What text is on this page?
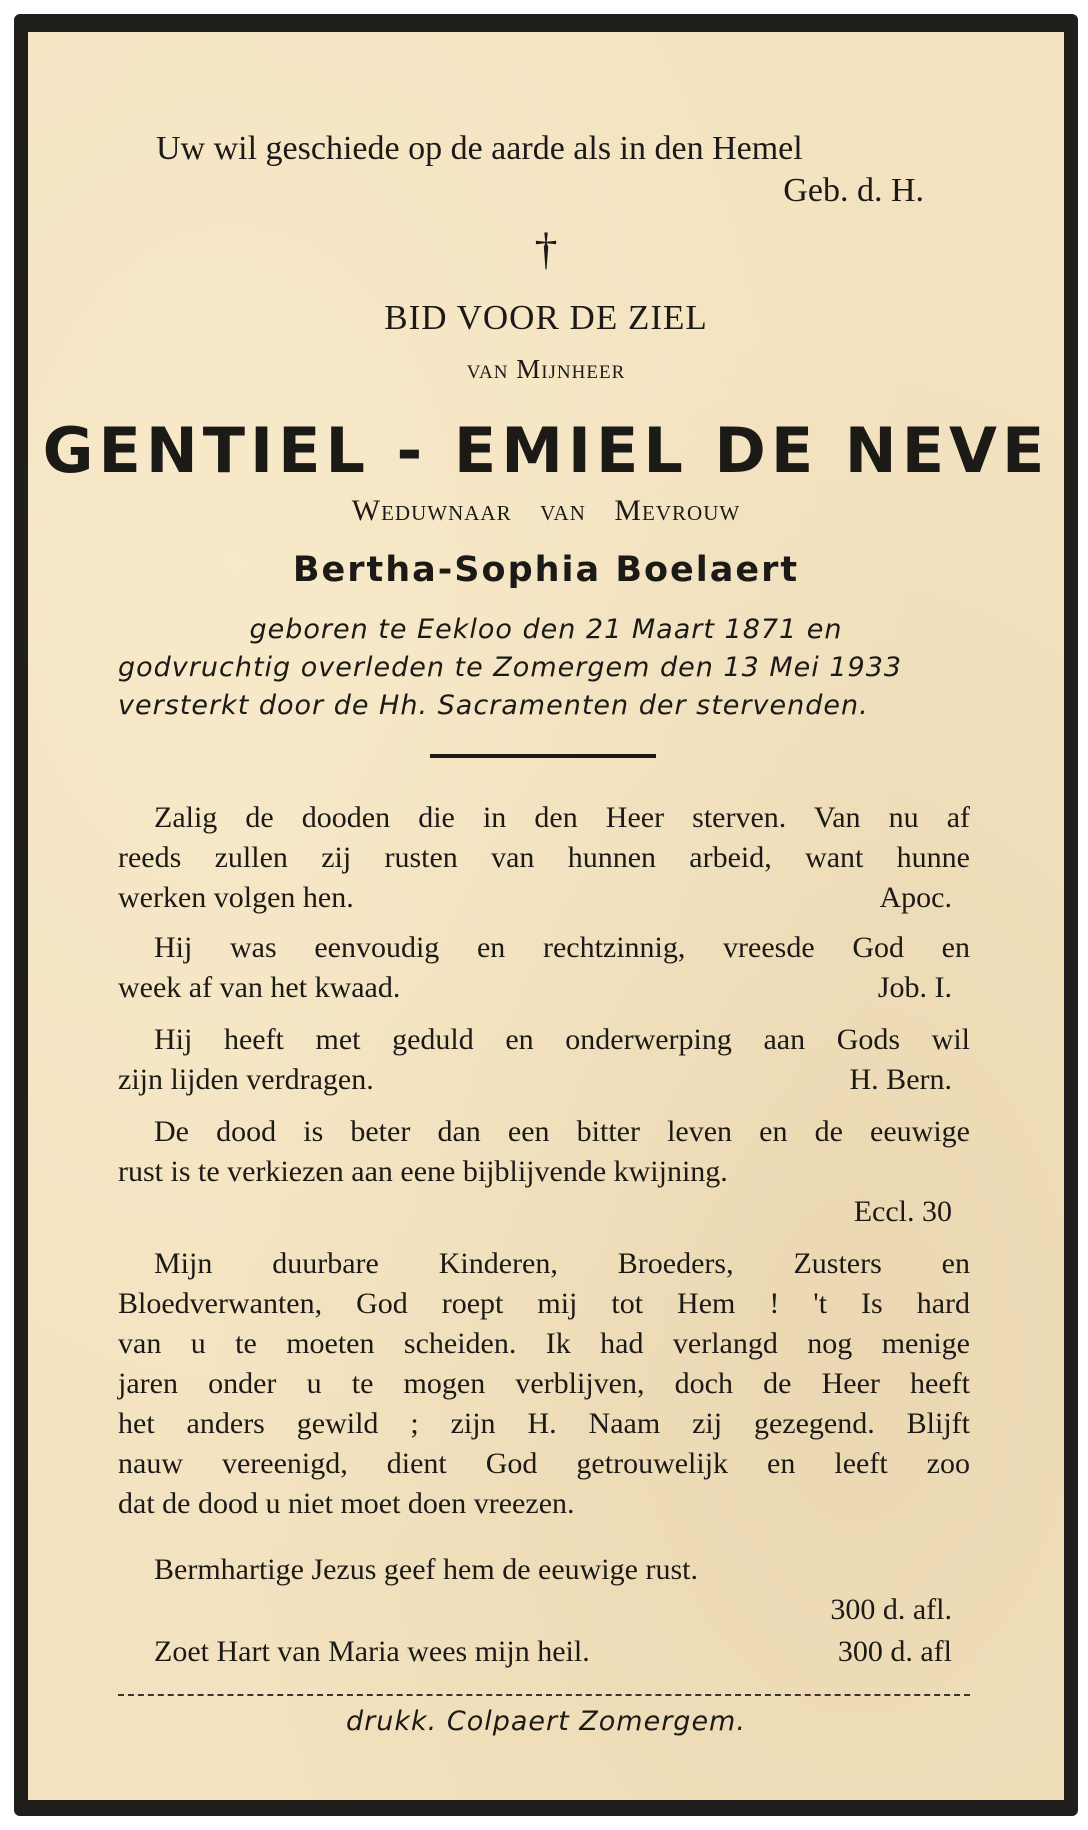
Uw wil geschiede op de aarde als in den Hemel
Geb. d. H.
†
BID VOOR DE ZIEL
van Mijnheer
GENTIEL - EMIEL DE NEVE
Weduwnaar van Mevrouw
Bertha-Sophia Boelaert
geboren te Eekloo den 21 Maart 1871 en
godvruchtig overleden te Zomergem den 13 Mei 1933
versterkt door de Hh. Sacramenten der stervenden.
Zalig de dooden die in den Heer sterven. Van nu af
reeds zullen zij rusten van hunnen arbeid, want hunne
werken volgen hen.	Apoc.
Hij was eenvoudig en rechtzinnig, vreesde God en
week af van het kwaad.	Job. I.
Hij heeft met geduld en onderwerping aan Gods wil
zijn lijden verdragen.	H. Bern.
De dood is beter dan een bitter leven en de eeuwige
rust is te verkiezen aan eene bijblijvende kwijning.
Eccl. 30
Mijn duurbare Kinderen, Broeders, Zusters en
Bloedverwanten, God roept mij tot Hem ! 't Is hard
van u te moeten scheiden. Ik had verlangd nog menige
jaren onder u te mogen verblijven, doch de Heer heeft
het anders gewild ; zijn H. Naam zij gezegend. Blijft
nauw vereenigd, dient God getrouwelijk en leeft zoo
dat de dood u niet moet doen vreezen.
Bermhartige Jezus geef hem de eeuwige rust.
300 d. afl.
Zoet Hart van Maria wees mijn heil.	300 d. afl
drukk. Colpaert Zomergem.
